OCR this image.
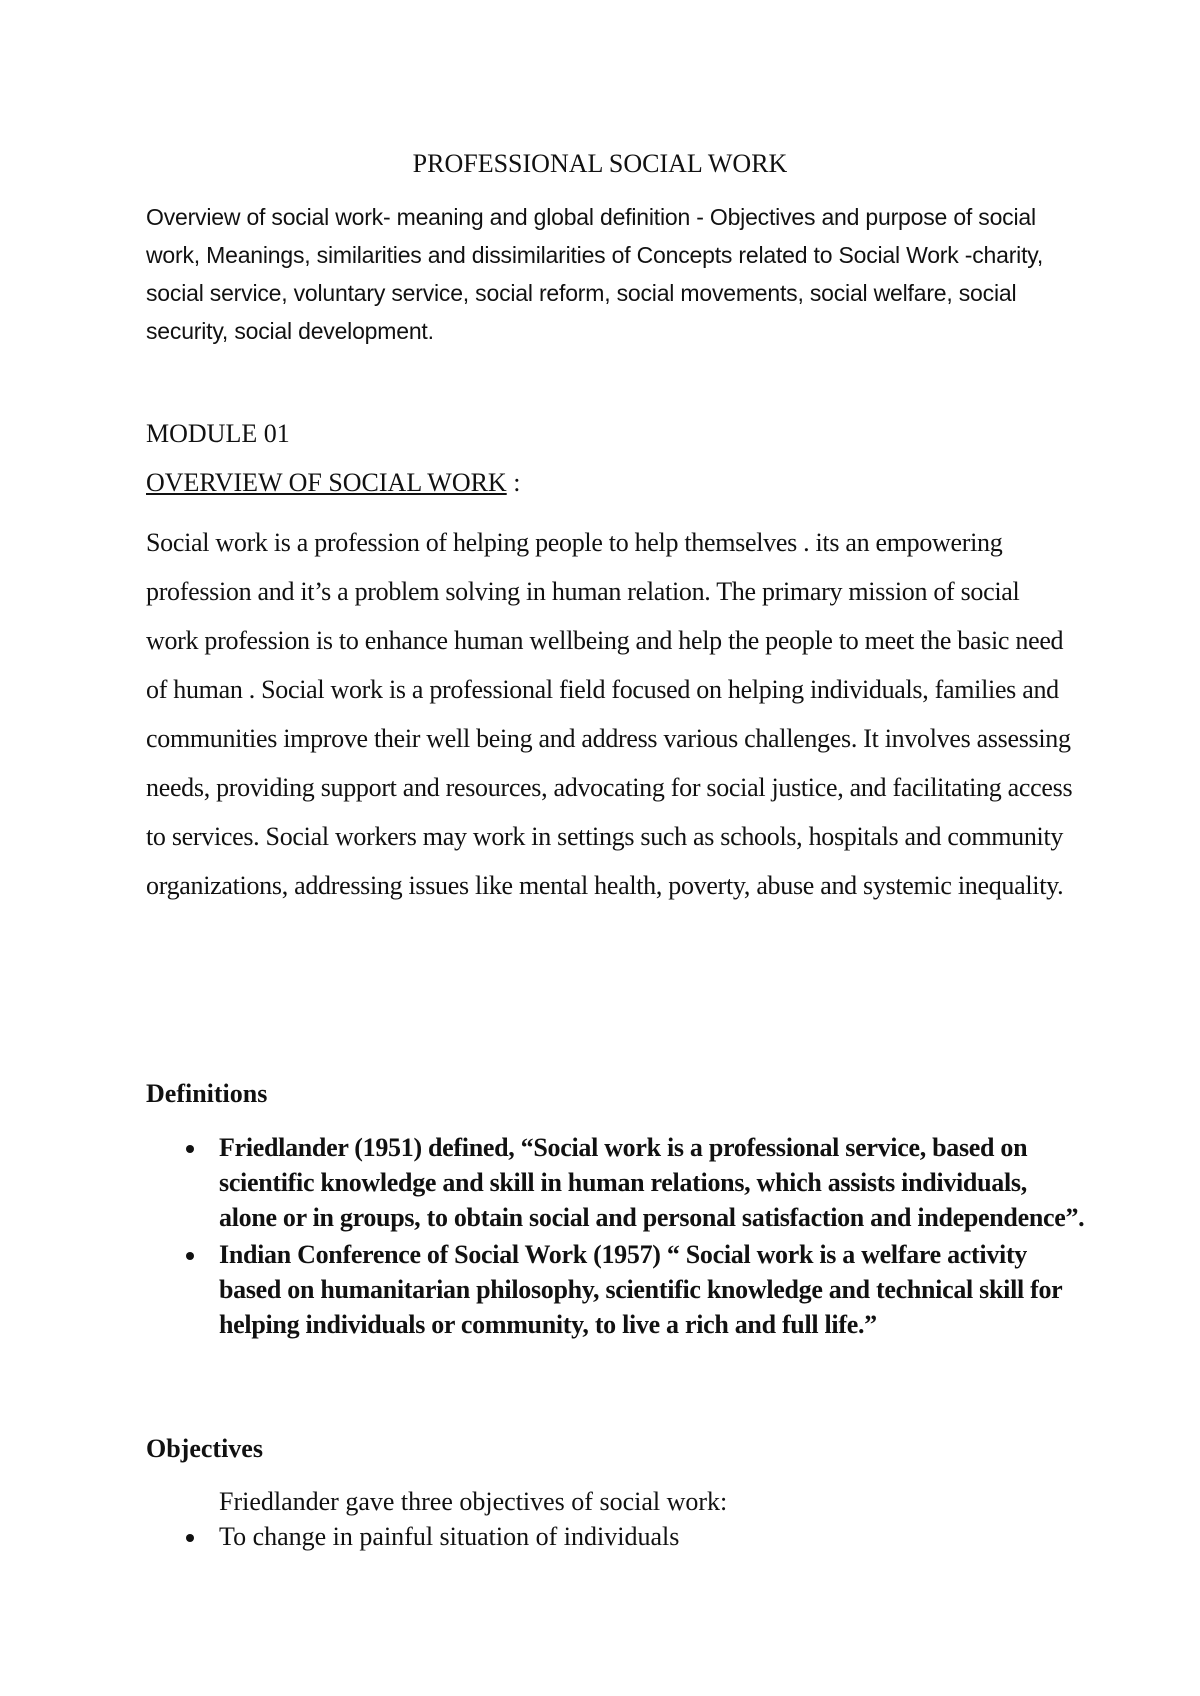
PROFESSIONAL SOCIAL WORK
Overview of social work- meaning and global definition - Objectives and purpose of social work, Meanings, similarities and dissimilarities of Concepts related to Social Work -charity, social service, voluntary service, social reform, social movements, social welfare, social security, social development.
MODULE 01
OVERVIEW OF SOCIAL WORK :
Social work is a profession of helping people to help themselves . its an empowering profession and it’s a problem solving in human relation. The primary mission of social work profession is to enhance human wellbeing and help the people to meet the basic need of human . Social work is a professional field focused on helping individuals, families and communities improve their well being and address various challenges. It involves assessing needs, providing support and resources, advocating for social justice, and facilitating access to services. Social workers may work in settings such as schools, hospitals and community organizations, addressing issues like mental health, poverty, abuse and systemic inequality.
Definitions
Friedlander (1951) defined, “Social work is a professional service, based on scientific knowledge and skill in human relations, which assists individuals, alone or in groups, to obtain social and personal satisfaction and independence”.
Indian Conference of Social Work (1957) “ Social work is a welfare activity based on humanitarian philosophy, scientific knowledge and technical skill for helping individuals or community, to live a rich and full life.”
Objectives
Friedlander gave three objectives of social work:
To change in painful situation of individuals
